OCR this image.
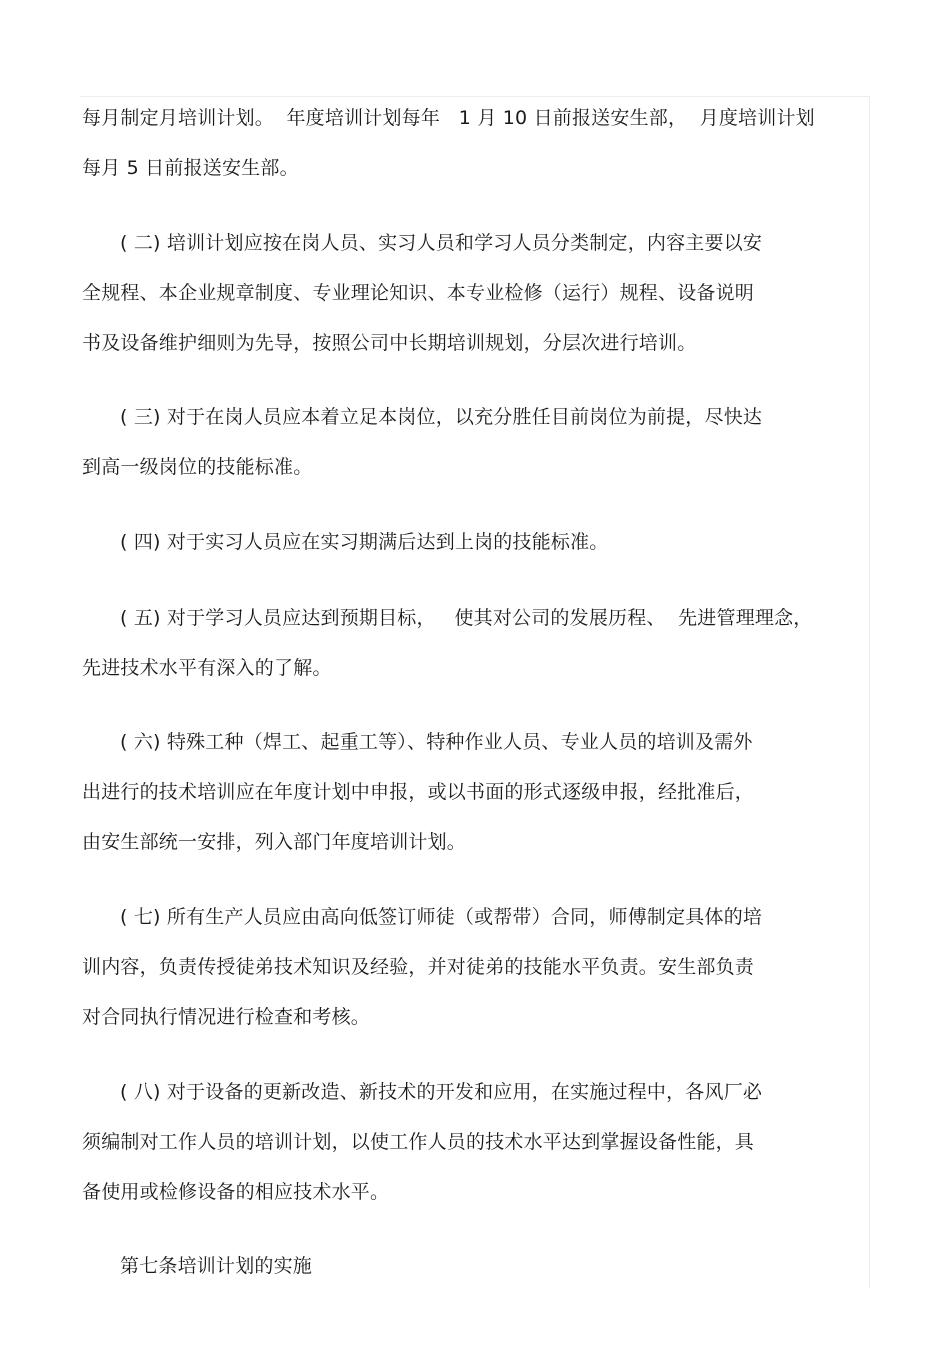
每月制定月培训计划。  年度培训计划每年   1 月 10 日前报送安生部，  月度培训计划
每月 5 日前报送安生部。
( 二) 培训计划应按在岗人员、实习人员和学习人员分类制定，内容主要以安
全规程、本企业规章制度、专业理论知识、本专业检修（运行）规程、设备说明
书及设备维护细则为先导，按照公司中长期培训规划，分层次进行培训。
( 三) 对于在岗人员应本着立足本岗位，以充分胜任目前岗位为前提，尽快达
到高一级岗位的技能标准。
( 四) 对于实习人员应在实习期满后达到上岗的技能标准。
( 五) 对于学习人员应达到预期目标，   使其对公司的发展历程、  先进管理理念，
先进技术水平有深入的了解。
( 六) 特殊工种（焊工、起重工等）、特种作业人员、专业人员的培训及需外
出进行的技术培训应在年度计划中申报，或以书面的形式逐级申报，经批准后，
由安生部统一安排，列入部门年度培训计划。
( 七) 所有生产人员应由高向低签订师徒（或帮带）合同，师傅制定具体的培
训内容，负责传授徒弟技术知识及经验，并对徒弟的技能水平负责。安生部负责
对合同执行情况进行检查和考核。
( 八) 对于设备的更新改造、新技术的开发和应用，在实施过程中，各风厂必
须编制对工作人员的培训计划，以使工作人员的技术水平达到掌握设备性能，具
备使用或检修设备的相应技术水平。
第七条培训计划的实施
